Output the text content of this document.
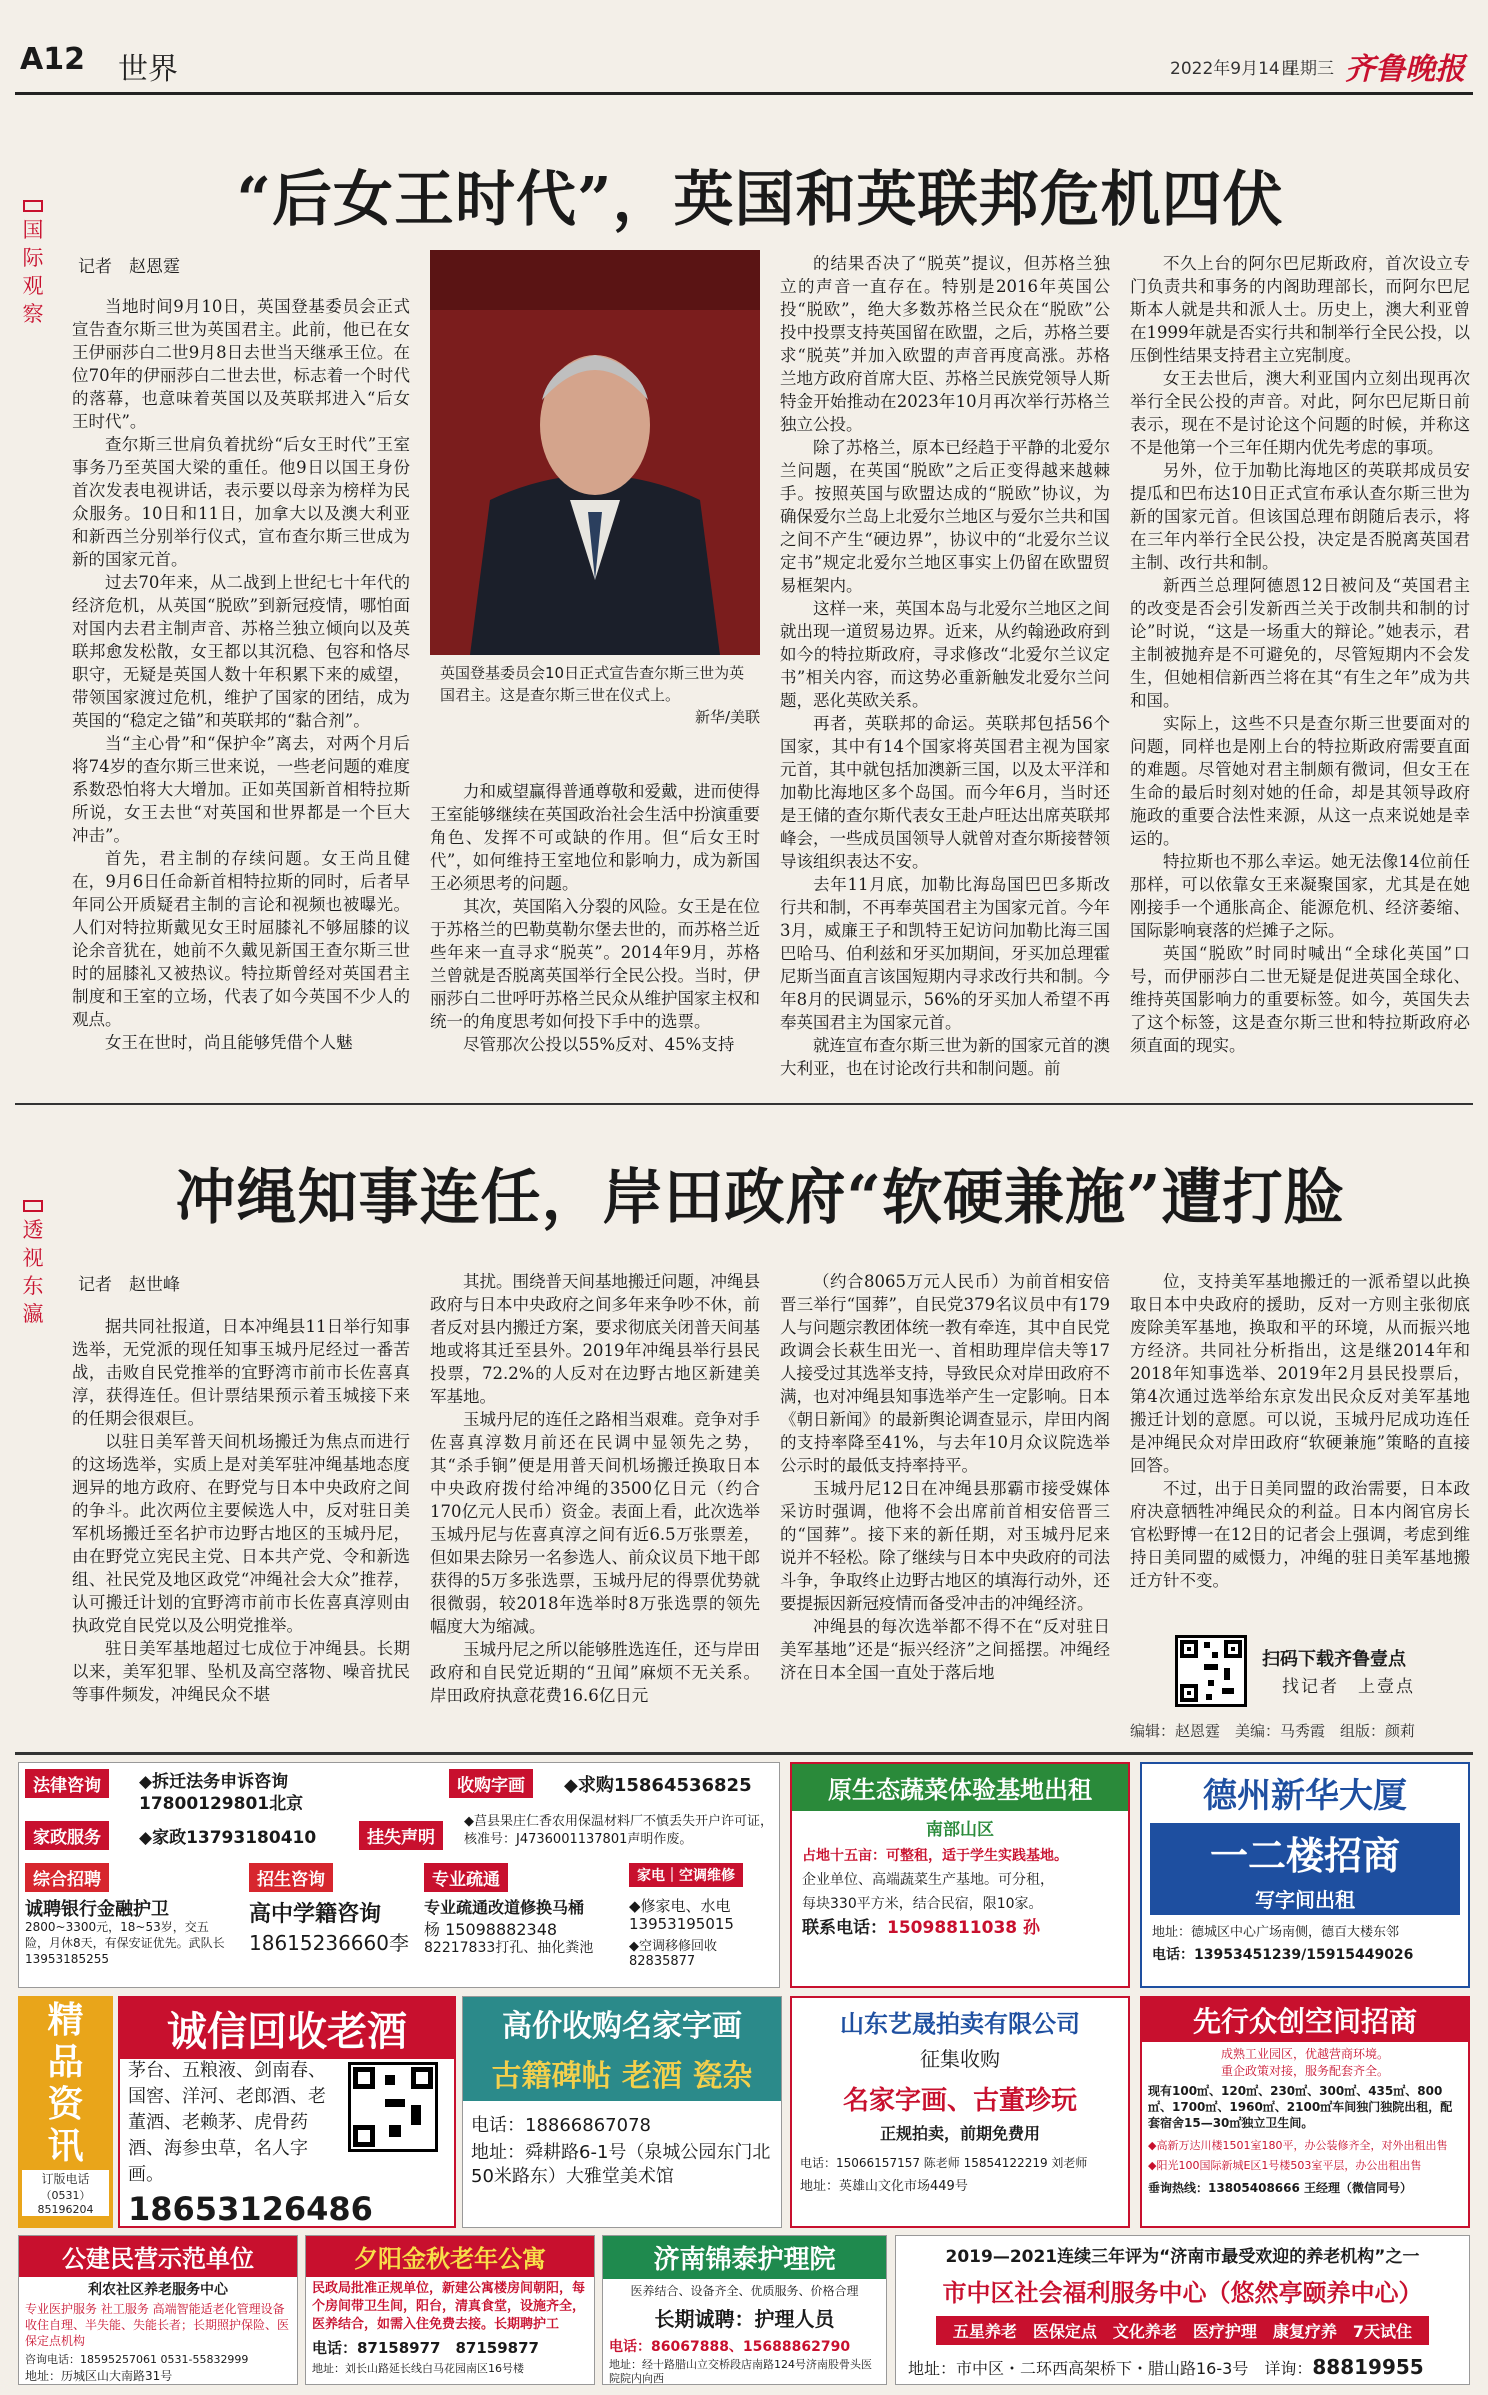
A12 世界	2022年9月14日
星期三 齐鲁晚报
国
际
观
察
“后女王时代”，英国和英联邦危机四伏
记者　赵恩霆

当地时间9月10日，英国登基委员会正式宣告查尔斯三世为英国君主。此前，他已在女王伊丽莎白二世9月8日去世当天继承王位。在位70年的伊丽莎白二世去世，标志着一个时代的落幕，也意味着英国以及英联邦进入“后女王时代”。

查尔斯三世肩负着扰纷“后女王时代”王室事务乃至英国大梁的重任。他9日以国王身份首次发表电视讲话，表示要以母亲为榜样为民众服务。10日和11日，加拿大以及澳大利亚和新西兰分别举行仪式，宣布查尔斯三世成为新的国家元首。

过去70年来，从二战到上世纪七十年代的经济危机，从英国“脱欧”到新冠疫情，哪怕面对国内去君主制声音、苏格兰独立倾向以及英联邦愈发松散，女王都以其沉稳、包容和恪尽职守，无疑是英国人数十年积累下来的威望，带领国家渡过危机，维护了国家的团结，成为英国的“稳定之锚”和英联邦的“黏合剂”。

当“主心骨”和“保护伞”离去，对两个月后将74岁的查尔斯三世来说，一些老问题的难度系数恐怕将大大增加。正如英国新首相特拉斯所说，女王去世“对英国和世界都是一个巨大冲击”。

首先，君主制的存续问题。女王尚且健在，9月6日任命新首相特拉斯的同时，后者早年同公开质疑君主制的言论和视频也被曝光。人们对特拉斯戴见女王时屈膝礼不够屈膝的议论余音犹在，她前不久戴见新国王查尔斯三世时的屈膝礼又被热议。特拉斯曾经对英国君主制度和王室的立场，代表了如今英国不少人的观点。

女王在世时，尚且能够凭借个人魅

英国登基委员会10日正式宣告查尔斯三世为英国君主。这是查尔斯三世在仪式上。
新华/美联

力和威望赢得普通尊敬和爱戴，进而使得王室能够继续在英国政治社会生活中扮演重要角色、发挥不可或缺的作用。但“后女王时代”，如何维持王室地位和影响力，成为新国王必须思考的问题。

其次，英国陷入分裂的风险。女王是在位于苏格兰的巴勒莫勒尔堡去世的，而苏格兰近些年来一直寻求“脱英”。2014年9月，苏格兰曾就是否脱离英国举行全民公投。当时，伊丽莎白二世呼吁苏格兰民众从维护国家主权和统一的角度思考如何投下手中的选票。

尽管那次公投以55%反对、45%支持

的结果否决了“脱英”提议，但苏格兰独立的声音一直存在。特别是2016年英国公投“脱欧”，绝大多数苏格兰民众在“脱欧”公投中投票支持英国留在欧盟，之后，苏格兰要求“脱英”并加入欧盟的声音再度高涨。苏格兰地方政府首席大臣、苏格兰民族党领导人斯特金开始推动在2023年10月再次举行苏格兰独立公投。

除了苏格兰，原本已经趋于平静的北爱尔兰问题，在英国“脱欧”之后正变得越来越棘手。按照英国与欧盟达成的“脱欧”协议，为确保爱尔兰岛上北爱尔兰地区与爱尔兰共和国之间不产生“硬边界”，协议中的“北爱尔兰议定书”规定北爱尔兰地区事实上仍留在欧盟贸易框架内。

这样一来，英国本岛与北爱尔兰地区之间就出现一道贸易边界。近来，从约翰逊政府到如今的特拉斯政府，寻求修改“北爱尔兰议定书”相关内容，而这势必重新触发北爱尔兰问题，恶化英欧关系。

再者，英联邦的命运。英联邦包括56个国家，其中有14个国家将英国君主视为国家元首，其中就包括加澳新三国，以及太平洋和加勒比海地区多个岛国。而今年6月，当时还是王储的查尔斯代表女王赴卢旺达出席英联邦峰会，一些成员国领导人就曾对查尔斯接替领导该组织表达不安。

去年11月底，加勒比海岛国巴巴多斯改行共和制，不再奉英国君主为国家元首。今年3月，威廉王子和凯特王妃访问加勒比海三国巴哈马、伯利兹和牙买加期间，牙买加总理霍尼斯当面直言该国短期内寻求改行共和制。今年8月的民调显示，56%的牙买加人希望不再奉英国君主为国家元首。

就连宣布查尔斯三世为新的国家元首的澳大利亚，也在讨论改行共和制问题。前

不久上台的阿尔巴尼斯政府，首次设立专门负责共和事务的内阁助理部长，而阿尔巴尼斯本人就是共和派人士。历史上，澳大利亚曾在1999年就是否实行共和制举行全民公投，以压倒性结果支持君主立宪制度。

女王去世后，澳大利亚国内立刻出现再次举行全民公投的声音。对此，阿尔巴尼斯日前表示，现在不是讨论这个问题的时候，并称这不是他第一个三年任期内优先考虑的事项。

另外，位于加勒比海地区的英联邦成员安提瓜和巴布达10日正式宣布承认查尔斯三世为新的国家元首。但该国总理布朗随后表示，将在三年内举行全民公投，决定是否脱离英国君主制、改行共和制。

新西兰总理阿德恩12日被问及“英国君主的改变是否会引发新西兰关于改制共和制的讨论”时说，“这是一场重大的辩论。”她表示，君主制被抛弃是不可避免的，尽管短期内不会发生，但她相信新西兰将在其“有生之年”成为共和国。

实际上，这些不只是查尔斯三世要面对的问题，同样也是刚上台的特拉斯政府需要直面的难题。尽管她对君主制颇有微词，但女王在生命的最后时刻对她的任命，却是其领导政府施政的重要合法性来源，从这一点来说她是幸运的。

特拉斯也不那么幸运。她无法像14位前任那样，可以依靠女王来凝聚国家，尤其是在她刚接手一个通胀高企、能源危机、经济萎缩、国际影响衰落的烂摊子之际。

英国“脱欧”时同时喊出“全球化英国”口号，而伊丽莎白二世无疑是促进英国全球化、维持英国影响力的重要标签。如今，英国失去了这个标签，这是查尔斯三世和特拉斯政府必须直面的现实。

透
视
东
瀛
冲绳知事连任，岸田政府“软硬兼施”遭打脸
记者　赵世峰

据共同社报道，日本冲绳县11日举行知事选举，无党派的现任知事玉城丹尼经过一番苦战，击败自民党推举的宜野湾市前市长佐喜真淳，获得连任。但计票结果预示着玉城接下来的任期会很艰巨。

以驻日美军普天间机场搬迁为焦点而进行的这场选举，实质上是对美军驻冲绳基地态度迥异的地方政府、在野党与日本中央政府之间的争斗。此次两位主要候选人中，反对驻日美军机场搬迁至名护市边野古地区的玉城丹尼，由在野党立宪民主党、日本共产党、令和新选组、社民党及地区政党“冲绳社会大众”推荐，认可搬迁计划的宜野湾市前市长佐喜真淳则由执政党自民党以及公明党推举。

驻日美军基地超过七成位于冲绳县。长期以来，美军犯罪、坠机及高空落物、噪音扰民等事件频发，冲绳民众不堪

其扰。围绕普天间基地搬迁问题，冲绳县政府与日本中央政府之间多年来争吵不休，前者反对县内搬迁方案，要求彻底关闭普天间基地或将其迁至县外。2019年冲绳县举行县民投票，72.2%的人反对在边野古地区新建美军基地。

玉城丹尼的连任之路相当艰难。竞争对手佐喜真淳数月前还在民调中显领先之势，其“杀手锏”便是用普天间机场搬迁换取日本中央政府拨付给冲绳的3500亿日元（约合170亿元人民币）资金。表面上看，此次选举玉城丹尼与佐喜真淳之间有近6.5万张票差，但如果去除另一名参选人、前众议员下地干郎获得的5万多张选票，玉城丹尼的得票优势就很微弱，较2018年选举时8万张选票的领先幅度大为缩减。

玉城丹尼之所以能够胜选连任，还与岸田政府和自民党近期的“丑闻”麻烦不无关系。岸田政府执意花费16.6亿日元

（约合8065万元人民币）为前首相安倍晋三举行“国葬”，自民党379名议员中有179人与问题宗教团体统一教有牵连，其中自民党政调会长萩生田光一、首相助理岸信夫等17人接受过其选举支持，导致民众对岸田政府不满，也对冲绳县知事选举产生一定影响。日本《朝日新闻》的最新舆论调查显示，岸田内阁的支持率降至41%，与去年10月众议院选举公示时的最低支持率持平。

玉城丹尼12日在冲绳县那霸市接受媒体采访时强调，他将不会出席前首相安倍晋三的“国葬”。接下来的新任期，对玉城丹尼来说并不轻松。除了继续与日本中央政府的司法斗争，争取终止边野古地区的填海行动外，还要提振因新冠疫情而备受冲击的冲绳经济。

冲绳县的每次选举都不得不在“反对驻日美军基地”还是“振兴经济”之间摇摆。冲绳经济在日本全国一直处于落后地

位，支持美军基地搬迁的一派希望以此换取日本中央政府的援助，反对一方则主张彻底废除美军基地，换取和平的环境，从而振兴地方经济。共同社分析指出，这是继2014年和2018年知事选举、2019年2月县民投票后，第4次通过选举给东京发出民众反对美军基地搬迁计划的意愿。可以说，玉城丹尼成功连任是冲绳民众对岸田政府“软硬兼施”策略的直接回答。

不过，出于日美同盟的政治需要，日本政府决意牺牲冲绳民众的利益。日本内阁官房长官松野博一在12日的记者会上强调，考虑到维持日美同盟的威慑力，冲绳的驻日美军基地搬迁方针不变。

扫码下载齐鲁壹点
找记者　上壹点
编辑：赵恩霆　美编：马秀霞　组版：颜莉
法律咨询	◆拆迁法务申诉咨询
17800129801北京
收购字画	◆求购15864536825
家政服务	◆家政13793180410	挂失声明
◆莒县果庄仁香农用保温材料厂不慎丢失开户许可证，核准号：J4736001137801声明作废。
综合招聘
诚聘银行金融护卫
2800~3300元，18~53岁，交五险，月休8天，有保安证优先。武队长 13953185255
招生咨询
高中学籍咨询
18615236660李
专业疏通
专业疏通改道修换马桶
杨 15098882348
82217833打孔、抽化粪池
家电｜空调维修
◆修家电、水电
13953195015
◆空调移修回收82835877
原生态蔬菜体验基地出租
南部山区
占地十五亩：可整租，适于学生实践基地。
企业单位、高端蔬菜生产基地。可分租，
每块330平方米，结合民宿，限10家。
联系电话：15098811038 孙
德州新华大厦
一二楼招商
写字间出租
地址：德城区中心广场南侧，德百大楼东邻
电话：13953451239/15915449026
精
品
资
讯
订版电话
（0531）85196204
诚信回收老酒
茅台、五粮液、剑南春、国窖、洋河、老郎酒、老董酒、老赖茅、虎骨药酒、海参虫草，名人字画。
18653126486
高价收购名家字画
古籍碑帖 老酒 瓷杂
电话：18866867078
地址：舜耕路6-1号（泉城公园东门北50米路东）大雅堂美术馆
山东艺晟拍卖有限公司
征集收购
名家字画、古董珍玩
正规拍卖，前期免费用
电话：15066157157 陈老师 15854122219 刘老师
地址：英雄山文化市场449号
先行众创空间招商
成熟工业园区，优越营商环境。
重企政策对接，服务配套齐全。
现有100㎡、120㎡、230㎡、300㎡、435㎡、800㎡、1700㎡、1960㎡、2100㎡车间独门独院出租，配套宿舍15—30㎡独立卫生间。
◆高新万达川楼1501室180平，办公装修齐全，对外出租出售
◆阳光100国际新城E区1号楼503室平层，办公出租出售
垂询热线：13805408666 王经理（微信同号）
公建民营示范单位
利农社区养老服务中心
专业医护服务 社工服务 高端智能适老化管理设备收住自理、半失能、失能长者；长期照护保险、医保定点机构
咨询电话：18595257061 0531-55832999
地址：历城区山大南路31号
夕阳金秋老年公寓
民政局批准正规单位，新建公寓楼房间朝阳，每个房间带卫生间，阳台，清真食堂，设施齐全，医养结合，如需入住免费去接。长期聘护工
电话：87158977　87159877
地址：刘长山路延长线白马花园南区16号楼
济南锦泰护理院
医养结合、设备齐全、优质服务、价格合理
长期诚聘：护理人员
电话：86067888、15688862790
地址：经十路腊山立交桥段店南路124号济南股骨头医院院内向西
2019—2021连续三年评为“济南市最受欢迎的养老机构”之一
市中区社会福利服务中心（悠然亭颐养中心）
五星养老　医保定点　文化养老　医疗护理　康复疗养　7天试住
地址：市中区・二环西高架桥下・腊山路16-3号　 详询：88819955
